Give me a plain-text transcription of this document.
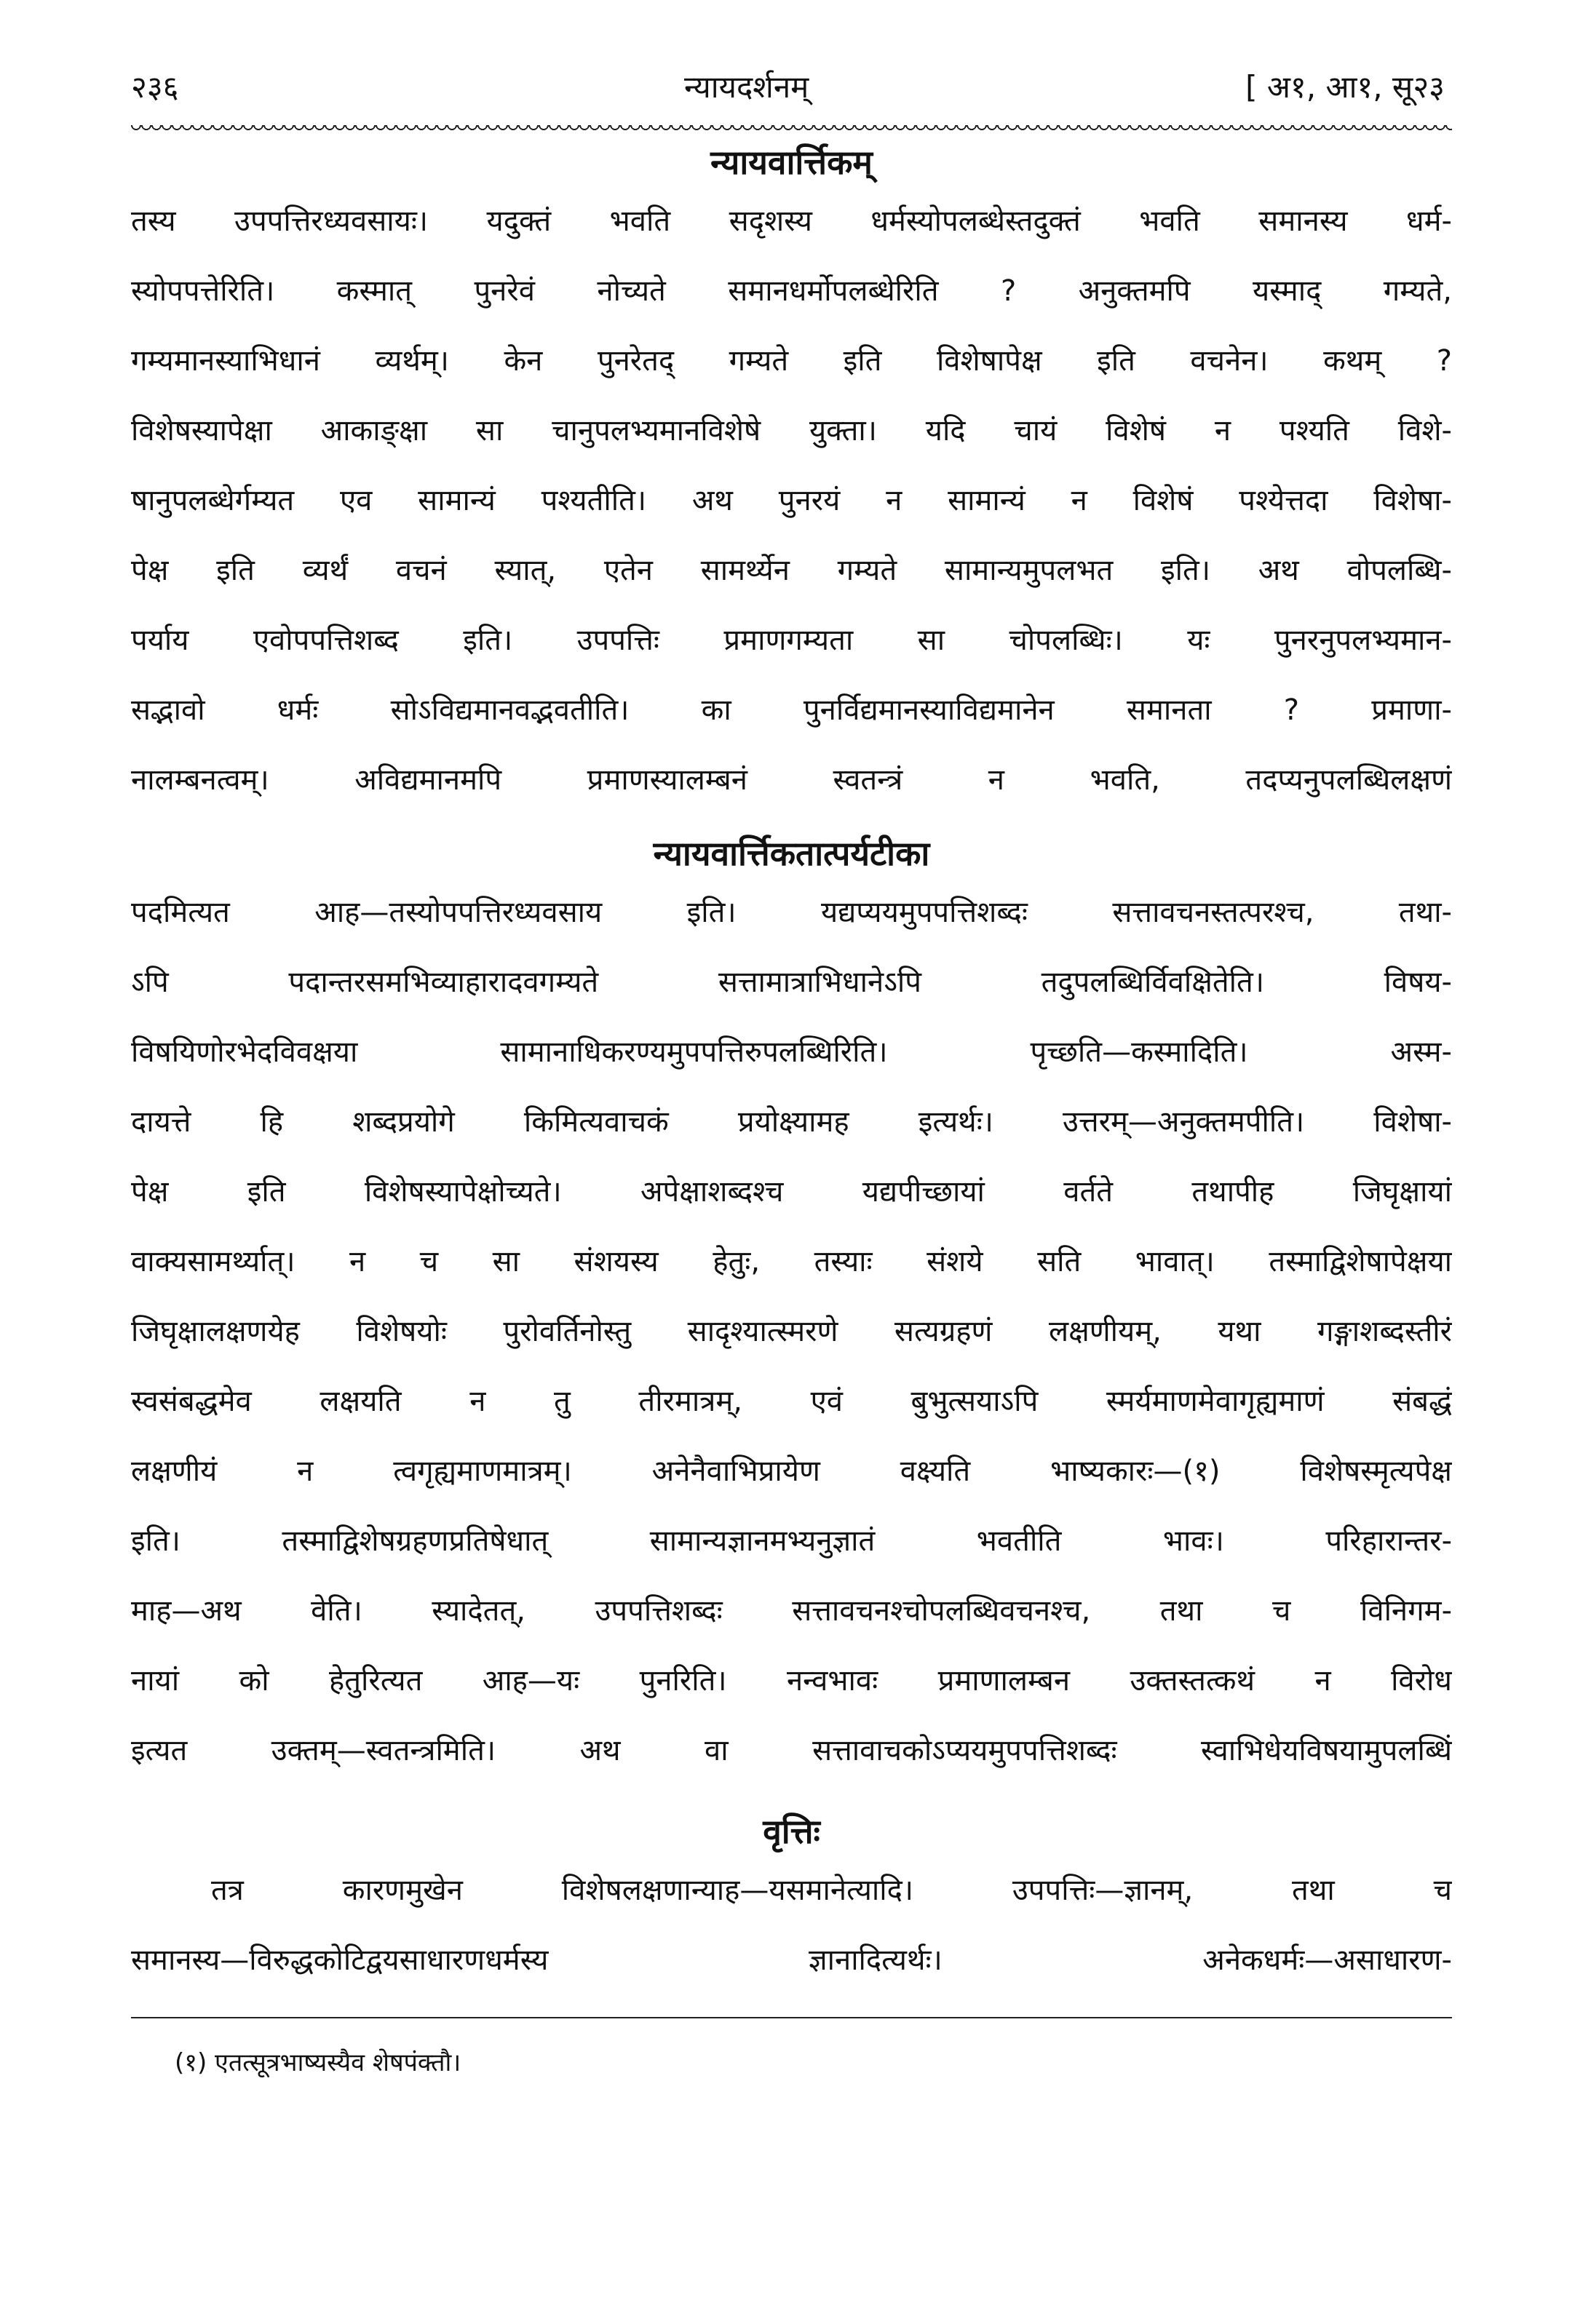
२३६	न्यायदर्शनम्	[ अ१, आ१, सू२३
न्यायवार्त्तिकम्
तस्य उपपत्तिरध्यवसायः। यदुक्तं भवति सदृशस्य धर्मस्योपलब्धेस्तदुक्तं भवति समानस्य धर्म-
स्योपपत्तेरिति। कस्मात् पुनरेवं नोच्यते समानधर्मोपलब्धेरिति ? अनुक्तमपि यस्माद् गम्यते,
गम्यमानस्याभिधानं व्यर्थम्। केन पुनरेतद् गम्यते इति विशेषापेक्ष इति वचनेन। कथम् ?
विशेषस्यापेक्षा आकाङ्क्षा सा चानुपलभ्यमानविशेषे युक्ता। यदि चायं विशेषं न पश्यति विशे-
षानुपलब्धेर्गम्यत एव सामान्यं पश्यतीति। अथ पुनरयं न सामान्यं न विशेषं पश्येत्तदा विशेषा-
पेक्ष इति व्यर्थं वचनं स्यात्, एतेन सामर्थ्येन गम्यते सामान्यमुपलभत इति। अथ वोपलब्धि-
पर्याय एवोपपत्तिशब्द इति। उपपत्तिः प्रमाणगम्यता सा चोपलब्धिः। यः पुनरनुपलभ्यमान-
सद्भावो धर्मः सोऽविद्यमानवद्भवतीति। का पुनर्विद्यमानस्याविद्यमानेन समानता ? प्रमाणा-
नालम्बनत्वम्। अविद्यमानमपि प्रमाणस्यालम्बनं स्वतन्त्रं न भवति, तदप्यनुपलब्धिलक्षणं
न्यायवार्त्तिकतात्पर्यटीका
पदमित्यत आह—तस्योपपत्तिरध्यवसाय इति। यद्यप्ययमुपपत्तिशब्दः सत्तावचनस्तत्परश्च, तथा-
ऽपि पदान्तरसमभिव्याहारादवगम्यते सत्तामात्राभिधानेऽपि तदुपलब्धिर्विवक्षितेति। विषय-
विषयिणोरभेदविवक्षया सामानाधिकरण्यमुपपत्तिरुपलब्धिरिति। पृच्छति—कस्मादिति। अस्म-
दायत्ते हि शब्दप्रयोगे किमित्यवाचकं प्रयोक्ष्यामह इत्यर्थः। उत्तरम्—अनुक्तमपीति। विशेषा-
पेक्ष इति विशेषस्यापेक्षोच्यते। अपेक्षाशब्दश्च यद्यपीच्छायां वर्तते तथापीह जिघृक्षायां
वाक्यसामर्थ्यात्। न च सा संशयस्य हेतुः, तस्याः संशये सति भावात्। तस्माद्विशेषापेक्षया
जिघृक्षालक्षणयेह विशेषयोः पुरोवर्तिनोस्तु सादृश्यात्स्मरणे सत्यग्रहणं लक्षणीयम्, यथा गङ्गाशब्दस्तीरं
स्वसंबद्धमेव लक्षयति न तु तीरमात्रम्, एवं बुभुत्सयाऽपि स्मर्यमाणमेवागृह्यमाणं संबद्धं
लक्षणीयं न त्वगृह्यमाणमात्रम्। अनेनैवाभिप्रायेण वक्ष्यति भाष्यकारः—(१) विशेषस्मृत्यपेक्ष
इति। तस्माद्विशेषग्रहणप्रतिषेधात् सामान्यज्ञानमभ्यनुज्ञातं भवतीति भावः। परिहारान्तर-
माह—अथ वेति। स्यादेतत्, उपपत्तिशब्दः सत्तावचनश्चोपलब्धिवचनश्च, तथा च विनिगम-
नायां को हेतुरित्यत आह—यः पुनरिति। नन्वभावः प्रमाणालम्बन उक्तस्तत्कथं न विरोध
इत्यत उक्तम्—स्वतन्त्रमिति। अथ वा सत्तावाचकोऽप्ययमुपपत्तिशब्दः स्वाभिधेयविषयामुपलब्धिं
वृत्तिः
तत्र कारणमुखेन विशेषलक्षणान्याह—यसमानेत्यादि। उपपत्तिः—ज्ञानम्, तथा च
समानस्य—विरुद्धकोटिद्वयसाधारणधर्मस्य ज्ञानादित्यर्थः। अनेकधर्मः—असाधारण-
(१) एतत्सूत्रभाष्यस्यैव शेषपंक्तौ।
